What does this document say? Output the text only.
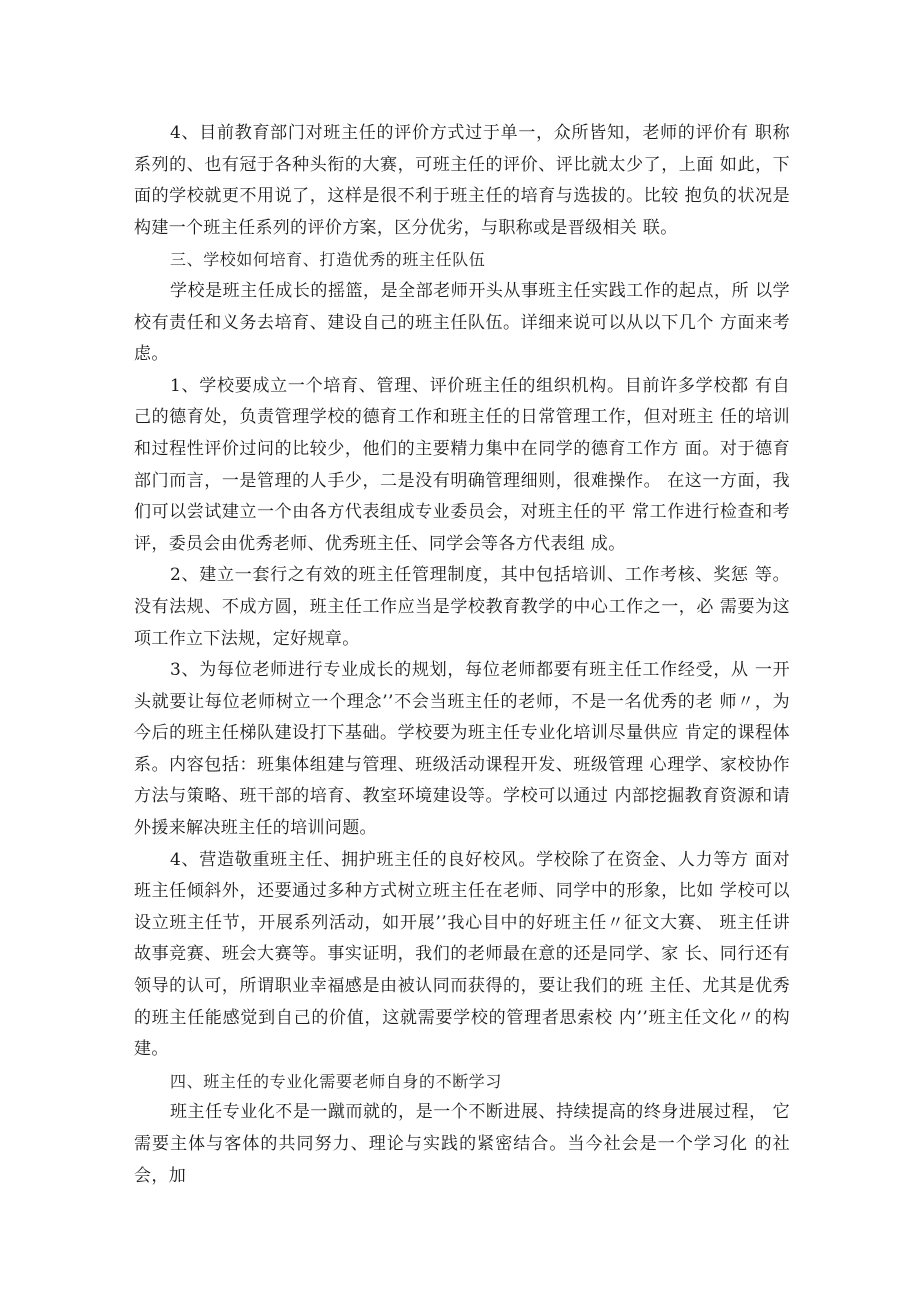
4、目前教育部门对班主任的评价方式过于单一，众所皆知，老师的评价有 职称系列的、也有冠于各种头衔的大赛，可班主任的评价、评比就太少了，上面 如此，下面的学校就更不用说了，这样是很不利于班主任的培育与选拔的。比较 抱负的状况是构建一个班主任系列的评价方案，区分优劣，与职称或是晋级相关 联。

三、学校如何培育、打造优秀的班主任队伍

学校是班主任成长的摇篮，是全部老师开头从事班主任实践工作的起点，所 以学校有责任和义务去培育、建设自己的班主任队伍。详细来说可以从以下几个 方面来考虑。

1、学校要成立一个培育、管理、评价班主任的组织机构。目前许多学校都 有自己的德育处，负责管理学校的德育工作和班主任的日常管理工作，但对班主 任的培训和过程性评价过问的比较少，他们的主要精力集中在同学的德育工作方 面。对于德育部门而言，一是管理的人手少，二是没有明确管理细则，很难操作。 在这一方面，我们可以尝试建立一个由各方代表组成专业委员会，对班主任的平 常工作进行检查和考评，委员会由优秀老师、优秀班主任、同学会等各方代表组 成。

2、建立一套行之有效的班主任管理制度，其中包括培训、工作考核、奖惩 等。没有法规、不成方圆，班主任工作应当是学校教育教学的中心工作之一，必 需要为这项工作立下法规，定好规章。

3、为每位老师进行专业成长的规划，每位老师都要有班主任工作经受，从 一开头就要让每位老师树立一个理念’’不会当班主任的老师，不是一名优秀的老 师〃，为今后的班主任梯队建设打下基础。学校要为班主任专业化培训尽量供应 肯定的课程体系。内容包括：班集体组建与管理、班级活动课程开发、班级管理 心理学、家校协作方法与策略、班干部的培育、教室环境建设等。学校可以通过 内部挖掘教育资源和请外援来解决班主任的培训问题。

4、营造敬重班主任、拥护班主任的良好校风。学校除了在资金、人力等方 面对班主任倾斜外，还要通过多种方式树立班主任在老师、同学中的形象，比如 学校可以设立班主任节，开展系列活动，如开展’’我心目中的好班主任〃征文大赛、 班主任讲故事竞赛、班会大赛等。事实证明，我们的老师最在意的还是同学、家 长、同行还有领导的认可，所谓职业幸福感是由被认同而获得的，要让我们的班 主任、尤其是优秀的班主任能感觉到自己的价值，这就需要学校的管理者思索校 内’’班主任文化〃的构建。

四、班主任的专业化需要老师自身的不断学习

班主任专业化不是一蹴而就的，是一个不断进展、持续提高的终身进展过程， 它需要主体与客体的共同努力、理论与实践的紧密结合。当今社会是一个学习化 的社会，加
